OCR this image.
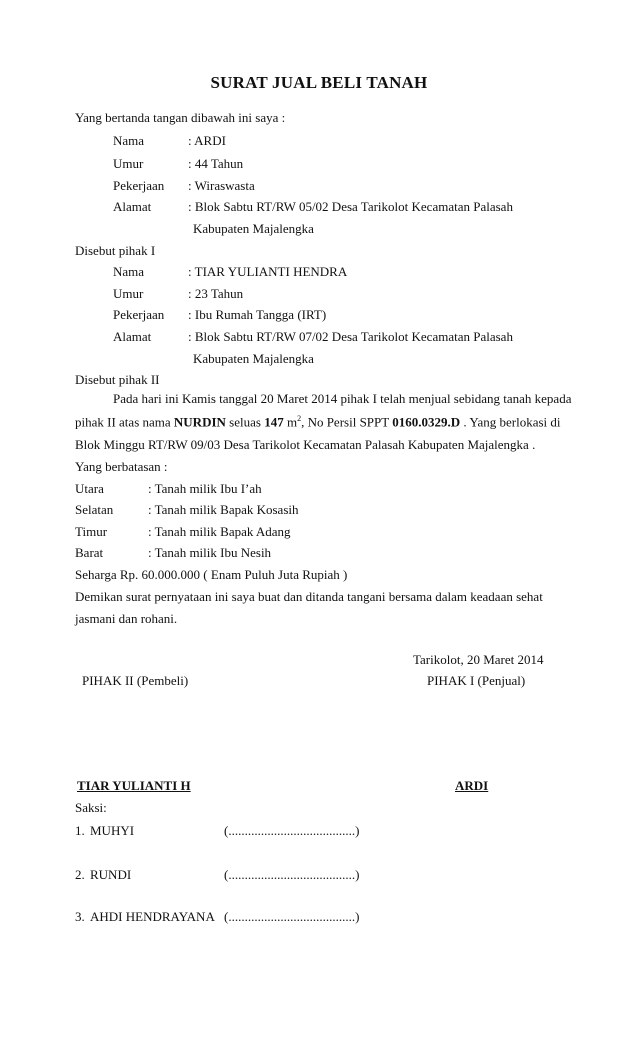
SURAT JUAL BELI TANAH
Yang bertanda tangan dibawah ini saya :
Nama	: ARDI
Umur	: 44 Tahun
Pekerjaan : Wiraswasta
Alamat	: Blok Sabtu RT/RW 05/02 Desa Tarikolot Kecamatan Palasah
Kabupaten Majalengka
Disebut pihak I
Nama	: TIAR YULIANTI HENDRA
Umur	: 23 Tahun
Pekerjaan : Ibu Rumah Tangga (IRT)
Alamat	: Blok Sabtu RT/RW 07/02 Desa Tarikolot Kecamatan Palasah
Kabupaten Majalengka
Disebut pihak II
Pada hari ini Kamis tanggal 20 Maret 2014 pihak I telah menjual sebidang tanah kepada
pihak II atas nama NURDIN seluas 147 $m^2$, No Persil SPPT 0160.0329.D . Yang berlokasi di
Blok Minggu RT/RW 09/03 Desa Tarikolot Kecamatan Palasah Kabupaten Majalengka .
Yang berbatasan :
Utara	: Tanah milik Ibu I’ah
Selatan	: Tanah milik Bapak Kosasih
Timur	: Tanah milik Bapak Adang
Barat	: Tanah milik Ibu Nesih
Seharga Rp. 60.000.000 ( Enam Puluh Juta Rupiah )
Demikan surat pernyataan ini saya buat dan ditanda tangani bersama dalam keadaan sehat
jasmani dan rohani.
Tarikolot, 20 Maret 2014
PIHAK II (Pembeli)	PIHAK I (Penjual)
TIAR YULIANTI H	ARDI
Saksi:
1. MUHYI	(.......................................)
2. RUNDI	(.......................................)
3. AHDI HENDRAYANA (.......................................)
